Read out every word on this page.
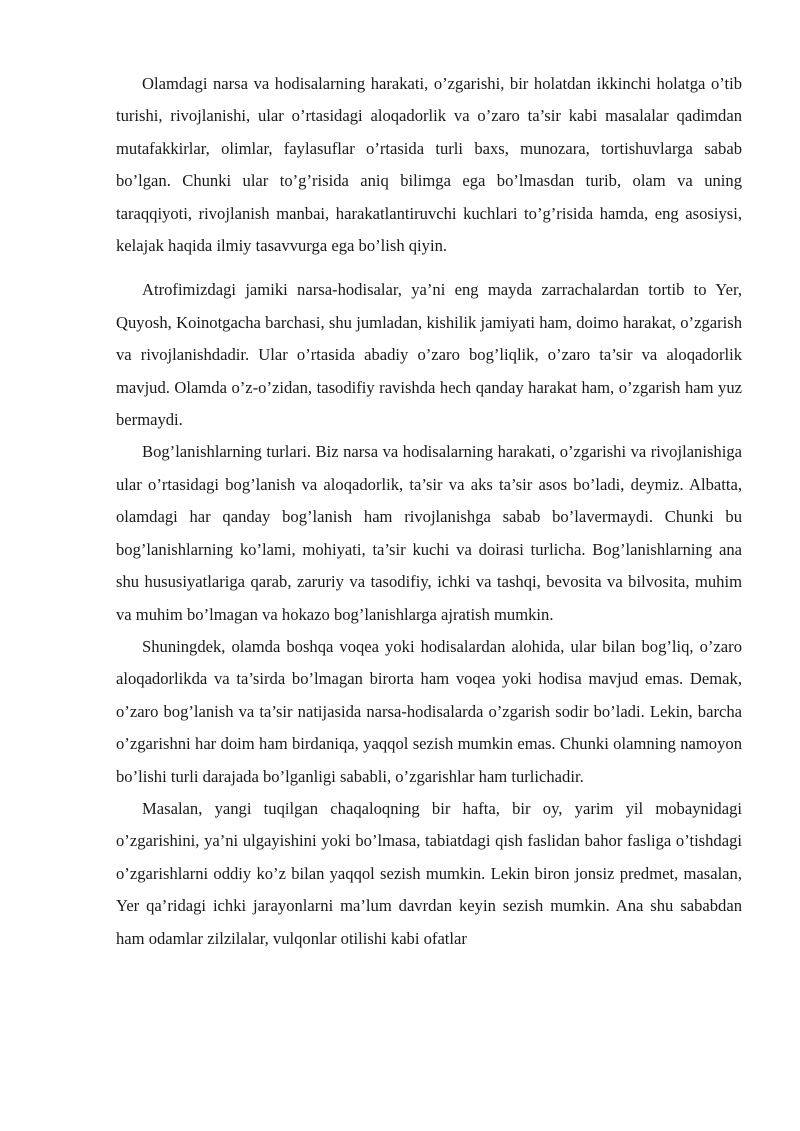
Olamdagi narsa va hodisalarning harakati, o’zgarishi, bir holatdan ikkinchi holatga o’tib turishi, rivojlanishi, ular o’rtasidagi aloqadorlik va o’zaro ta’sir kabi masalalar qadimdan mutafakkirlar, olimlar, faylasuflar o’rtasida turli baxs, munozara, tortishuvlarga sabab bo’lgan. Chunki ular to’g’risida aniq bilimga ega bo’lmasdan turib, olam va uning taraqqiyoti, rivojlanish manbai, harakatlantiruvchi kuchlari to’g’risida hamda, eng asosiysi, kelajak haqida ilmiy tasavvurga ega bo’lish qiyin.

Atrofimizdagi jamiki narsa-hodisalar, ya’ni eng mayda zarrachalardan tortib to Yer, Quyosh, Koinotgacha barchasi, shu jumladan, kishilik jamiyati ham, doimo harakat, o’zgarish va rivojlanishdadir. Ular o’rtasida abadiy o’zaro bog’liqlik, o’zaro ta’sir va aloqadorlik mavjud. Olamda o’z-o’zidan, tasodifiy ravishda hech qanday harakat ham, o’zgarish ham yuz bermaydi.

Bog’lanishlarning turlari. Biz narsa va hodisalarning harakati, o’zgarishi va rivojlanishiga ular o’rtasidagi bog’lanish va aloqadorlik, ta’sir va aks ta’sir asos bo’ladi, deymiz. Albatta, olamdagi har qanday bog’lanish ham rivojlanishga sabab bo’lavermaydi. Chunki bu bog’lanishlarning ko’lami, mohiyati, ta’sir kuchi va doirasi turlicha. Bog’lanishlarning ana shu hususiyatlariga qarab, zaruriy va tasodifiy, ichki va tashqi, bevosita va bilvosita, muhim va muhim bo’lmagan va hokazo bog’lanishlarga ajratish mumkin.

Shuningdek, olamda boshqa voqea yoki hodisalardan alohida, ular bilan bog’liq, o’zaro aloqadorlikda va ta’sirda bo’lmagan birorta ham voqea yoki hodisa mavjud emas. Demak, o’zaro bog’lanish va ta’sir natijasida narsa-hodisalarda o’zgarish sodir bo’ladi. Lekin, barcha o’zgarishni har doim ham birdaniqa, yaqqol sezish mumkin emas. Chunki olamning namoyon bo’lishi turli darajada bo’lganligi sababli, o’zgarishlar ham turlichadir.

Masalan, yangi tuqilgan chaqaloqning bir hafta, bir oy, yarim yil mobaynidagi o’zgarishini, ya’ni ulgayishini yoki bo’lmasa, tabiatdagi qish faslidan bahor fasliga o’tishdagi o’zgarishlarni oddiy ko’z bilan yaqqol sezish mumkin. Lekin biron jonsiz predmet, masalan, Yer qa’ridagi ichki jarayonlarni ma’lum davrdan keyin sezish mumkin. Ana shu sababdan ham odamlar zilzilalar, vulqonlar otilishi kabi ofatlar
